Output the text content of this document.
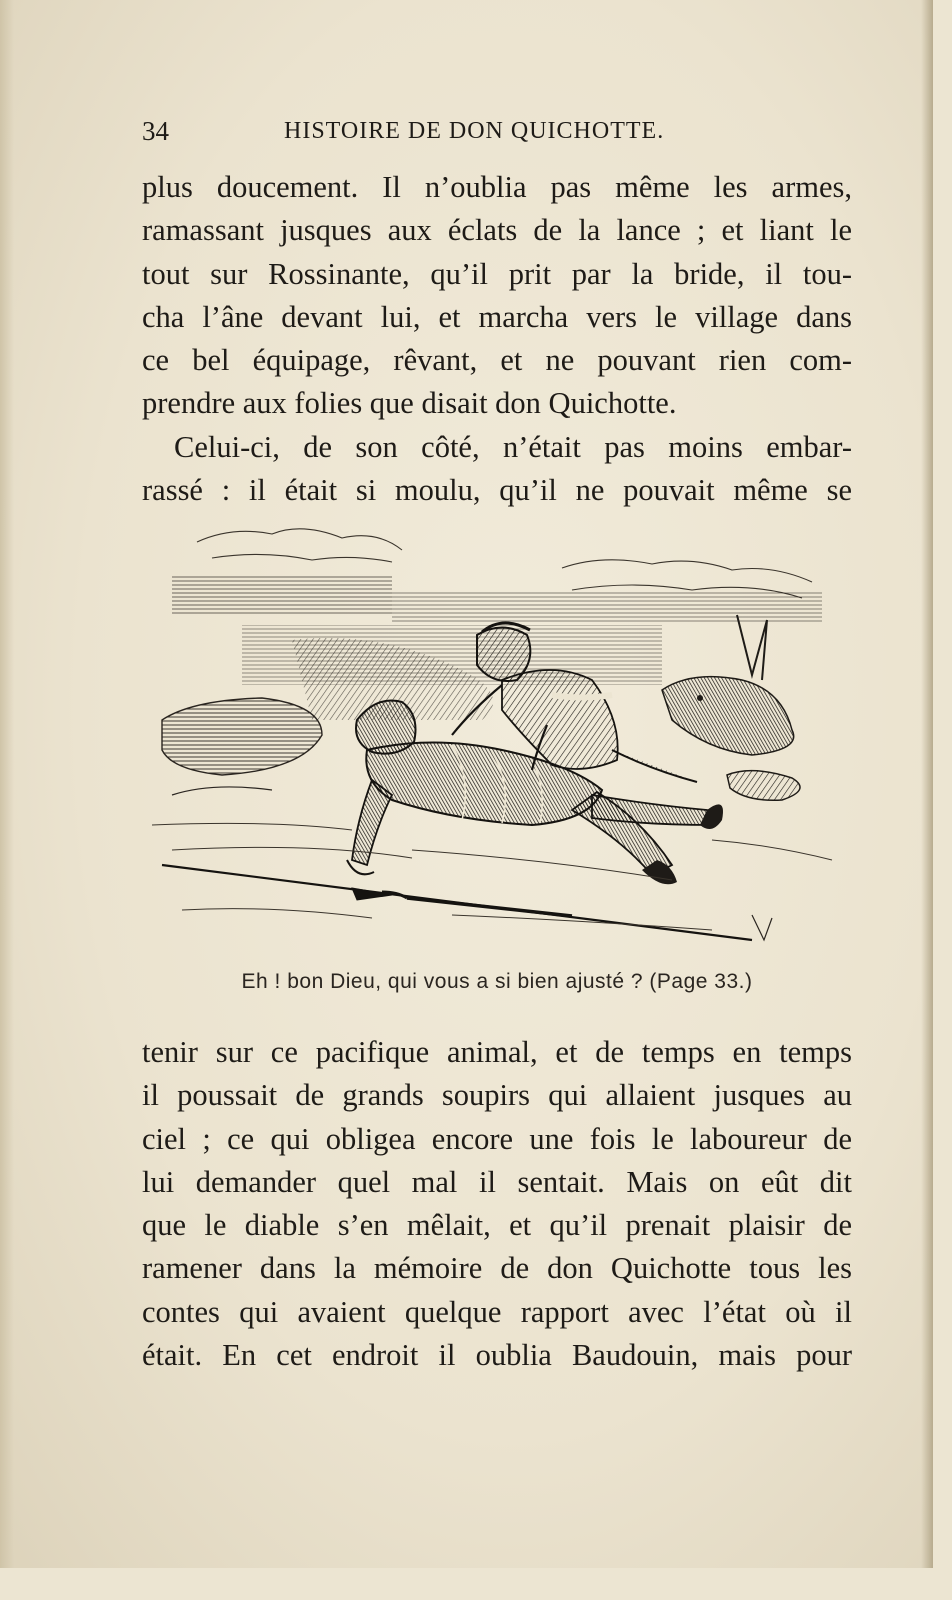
34	HISTOIRE DE DON QUICHOTTE.
plus doucement. Il n’oublia pas même les armes,
ramassant jusques aux éclats de la lance ; et liant le
tout sur Rossinante, qu’il prit par la bride, il tou-
cha l’âne devant lui, et marcha vers le village dans
ce bel équipage, rêvant, et ne pouvant rien com-
prendre aux folies que disait don Quichotte.
Celui-ci, de son côté, n’était pas moins embar-
rassé : il était si moulu, qu’il ne pouvait même se
Eh ! bon Dieu, qui vous a si bien ajusté ? (Page 33.)
tenir sur ce pacifique animal, et de temps en temps
il poussait de grands soupirs qui allaient jusques au
ciel ; ce qui obligea encore une fois le laboureur de
lui demander quel mal il sentait. Mais on eût dit
que le diable s’en mêlait, et qu’il prenait plaisir de
ramener dans la mémoire de don Quichotte tous les
contes qui avaient quelque rapport avec l’état où il
était. En cet endroit il oublia Baudouin, mais pour
